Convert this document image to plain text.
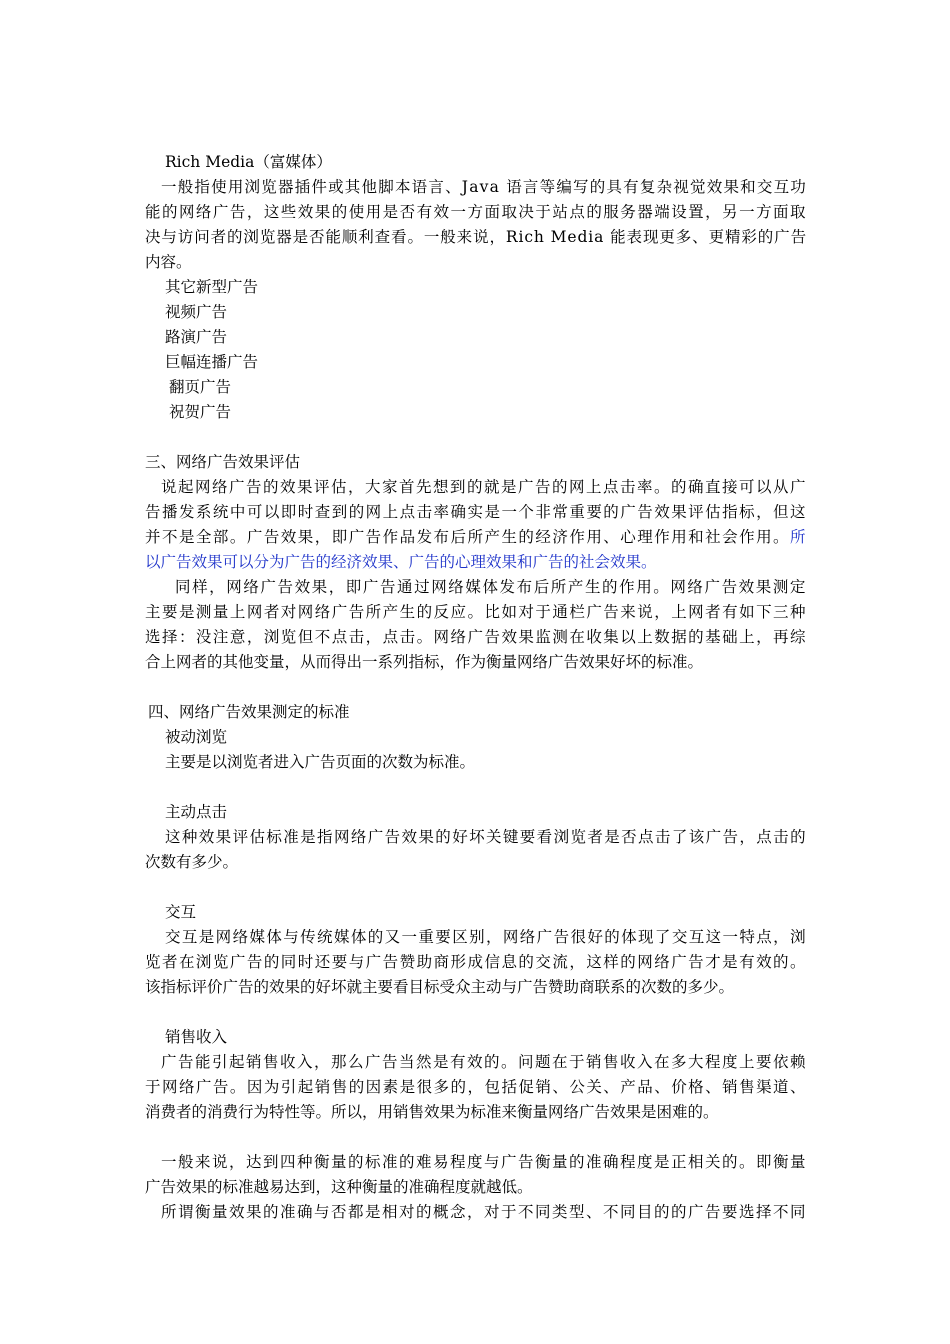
Rich Media（富媒体）
一般指使用浏览器插件或其他脚本语言、Java 语言等编写的具有复杂视觉效果和交互功
能的网络广告，这些效果的使用是否有效一方面取决于站点的服务器端设置，另一方面取
决与访问者的浏览器是否能顺利查看。一般来说，Rich Media 能表现更多、更精彩的广告
内容。
其它新型广告
视频广告
路演广告
巨幅连播广告
翻页广告
祝贺广告
三、网络广告效果评估
说起网络广告的效果评估，大家首先想到的就是广告的网上点击率。的确直接可以从广
告播发系统中可以即时查到的网上点击率确实是一个非常重要的广告效果评估指标，但这
并不是全部。广告效果，即广告作品发布后所产生的经济作用、心理作用和社会作用。所
以广告效果可以分为广告的经济效果、广告的心理效果和广告的社会效果。
同样，网络广告效果，即广告通过网络媒体发布后所产生的作用。网络广告效果测定
主要是测量上网者对网络广告所产生的反应。比如对于通栏广告来说，上网者有如下三种
选择：没注意，浏览但不点击，点击。网络广告效果监测在收集以上数据的基础上，再综
合上网者的其他变量，从而得出一系列指标，作为衡量网络广告效果好坏的标准。
四、网络广告效果测定的标准
被动浏览
主要是以浏览者进入广告页面的次数为标准。
主动点击
这种效果评估标准是指网络广告效果的好坏关键要看浏览者是否点击了该广告，点击的
次数有多少。
交互
交互是网络媒体与传统媒体的又一重要区别，网络广告很好的体现了交互这一特点，浏
览者在浏览广告的同时还要与广告赞助商形成信息的交流，这样的网络广告才是有效的。
该指标评价广告的效果的好坏就主要看目标受众主动与广告赞助商联系的次数的多少。
销售收入
广告能引起销售收入，那么广告当然是有效的。问题在于销售收入在多大程度上要依赖
于网络广告。因为引起销售的因素是很多的，包括促销、公关、产品、价格、销售渠道、
消费者的消费行为特性等。所以，用销售效果为标准来衡量网络广告效果是困难的。
一般来说，达到四种衡量的标准的难易程度与广告衡量的准确程度是正相关的。即衡量
广告效果的标准越易达到，这种衡量的准确程度就越低。
所谓衡量效果的准确与否都是相对的概念，对于不同类型、不同目的的广告要选择不同
